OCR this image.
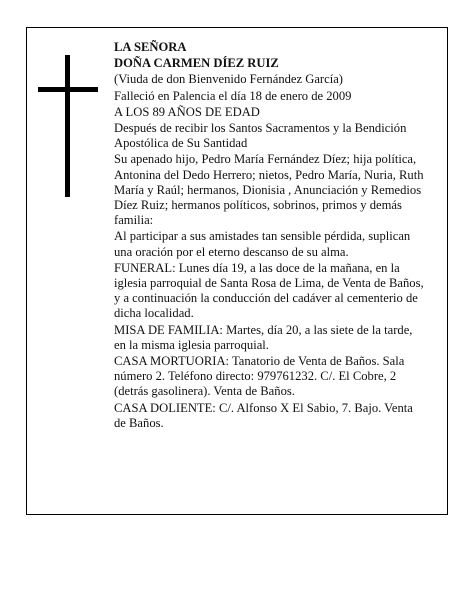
LA SEÑORA

DOÑA CARMEN DÍEZ RUIZ

(Viuda de don Bienvenido Fernández García)

Falleció en Palencia el día 18 de enero de 2009

A LOS 89 AÑOS DE EDAD

Después de recibir los Santos Sacramentos y la Bendición Apostólica de Su Santidad

Su apenado hijo, Pedro María Fernández Díez; hija política, Antonina del Dedo Herrero; nietos, Pedro María, Nuria, Ruth María y Raúl; hermanos, Dionisia , Anunciación y Remedios Díez Ruiz; hermanos políticos, sobrinos, primos y demás familia:

Al participar a sus amistades tan sensible pérdida, suplican una oración por el eterno descanso de su alma.

FUNERAL: Lunes día 19, a las doce de la mañana, en la iglesia parroquial de Santa Rosa de Lima, de Venta de Baños, y a continuación la conducción del cadáver al cementerio de dicha localidad.

MISA DE FAMILIA: Martes, día 20, a las siete de la tarde, en la misma iglesia parroquial.

CASA MORTUORIA: Tanatorio de Venta de Baños. Sala número 2. Teléfono directo: 979761232. C/. El Cobre, 2 (detrás gasolinera). Venta de Baños.

CASA DOLIENTE: C/. Alfonso X El Sabio, 7. Bajo. Venta de Baños.
